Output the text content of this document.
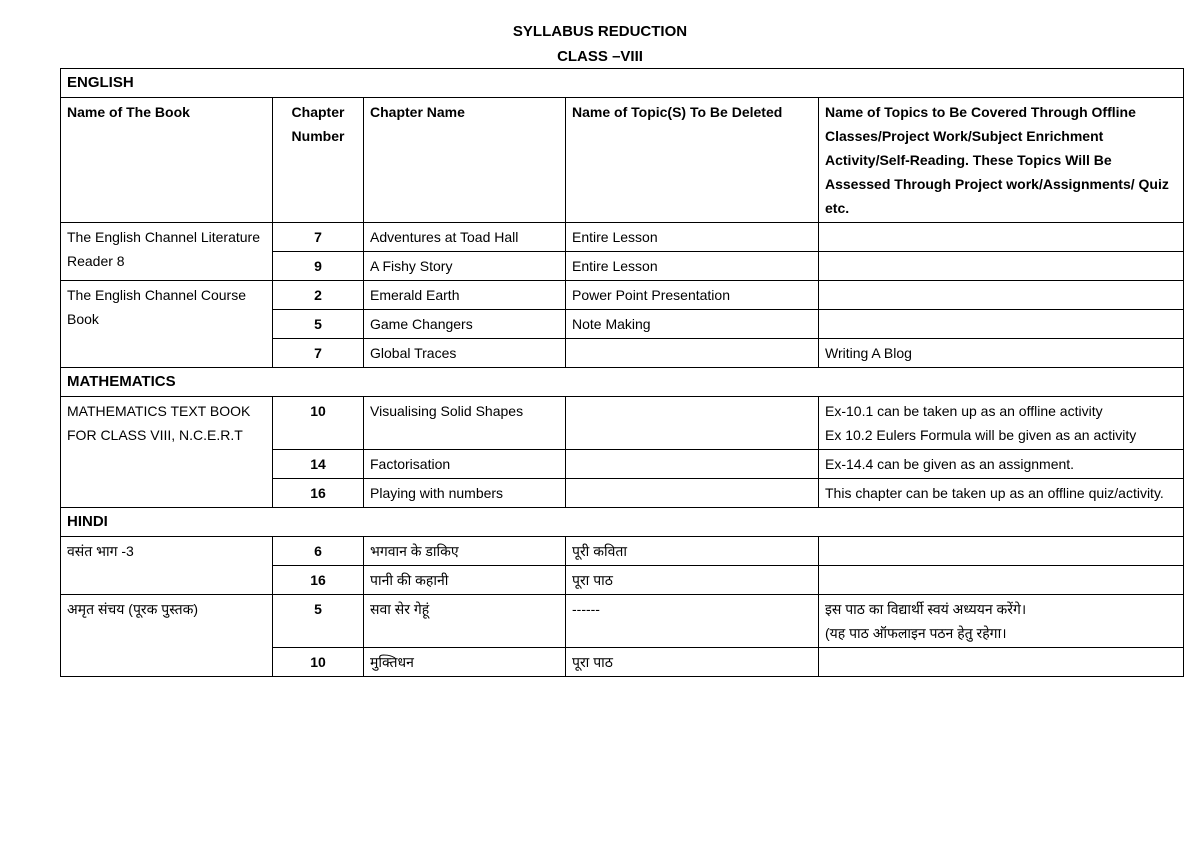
SYLLABUS REDUCTION
CLASS –VIII
ENGLISH				
Name of The Book	Chapter Number	Chapter Name	Name of Topic(S) To Be Deleted	Name of Topics to Be Covered Through Offline Classes/Project Work/Subject Enrichment Activity/Self-Reading. These Topics Will Be Assessed Through Project work/Assignments/ Quiz etc.
The English Channel Literature Reader 8	7	Adventures at Toad Hall	Entire Lesson	
	9	A Fishy Story	Entire Lesson	
The English Channel Course Book	2	Emerald Earth	Power Point Presentation	
	5	Game Changers	Note Making	
	7	Global Traces		Writing A Blog
MATHEMATICS				
MATHEMATICS TEXT BOOK FOR CLASS VIII, N.C.E.R.T	10	Visualising Solid Shapes		Ex-10.1 can be taken up as an offline activity
Ex 10.2 Eulers Formula will be given as an activity
	14	Factorisation		Ex-14.4 can be given as an assignment.
	16	Playing with numbers		This chapter can be taken up as an offline quiz/activity.
HINDI				
वसंत भाग -3	6	भगवान के डाकिए	पूरी कविता	
	16	पानी की कहानी	पूरा पाठ	
अमृत संचय (पूरक पुस्तक)	5	सवा सेर गेहूं	------	इस पाठ का विद्यार्थी स्वयं अध्ययन करेंगे।
(यह पाठ ऑफलाइन पठन हेतु रहेगा।
	10	मुक्तिधन	पूरा पाठ	
